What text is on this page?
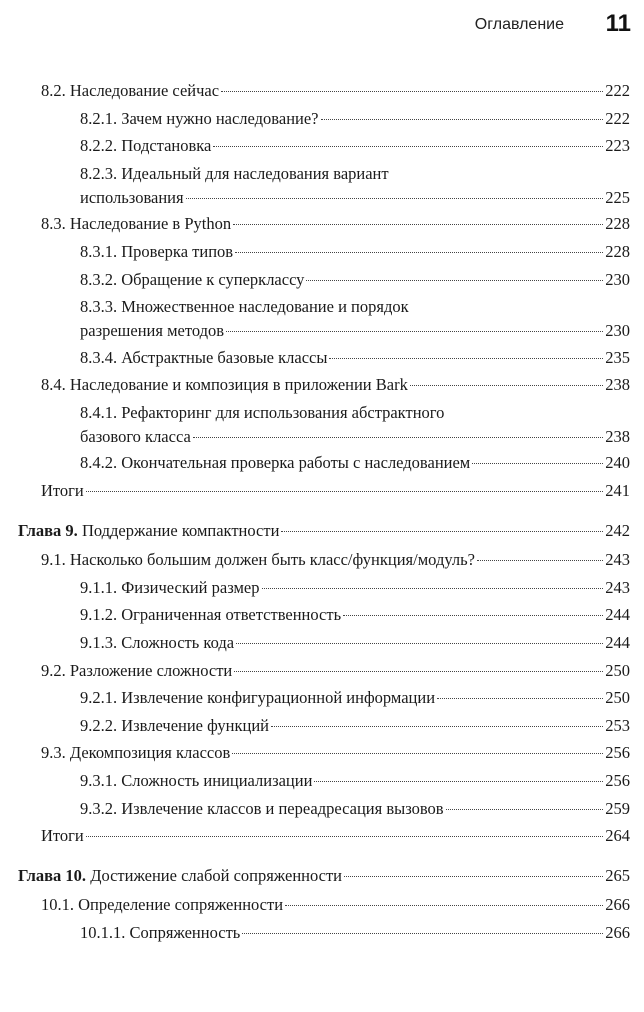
Оглавление 11
8.2. Наследование сейчас	222
8.2.1. Зачем нужно наследование?	222
8.2.2. Подстановка	223
8.2.3. Идеальный для наследования вариант
использования	225
8.3. Наследование в Python	228
8.3.1. Проверка типов	228
8.3.2. Обращение к суперклассу	230
8.3.3. Множественное наследование и порядок
разрешения методов	230
8.3.4. Абстрактные базовые классы	235
8.4. Наследование и композиция в приложении Bark	238
8.4.1. Рефакторинг для использования абстрактного
базового класса	238
8.4.2. Окончательная проверка работы с наследованием	240
Итоги	241
Глава 9. Поддержание компактности	242
9.1. Насколько большим должен быть класс/функция/модуль?	243
9.1.1. Физический размер	243
9.1.2. Ограниченная ответственность	244
9.1.3. Сложность кода	244
9.2. Разложение сложности	250
9.2.1. Извлечение конфигурационной информации	250
9.2.2. Извлечение функций	253
9.3. Декомпозиция классов	256
9.3.1. Сложность инициализации	256
9.3.2. Извлечение классов и переадресация вызовов	259
Итоги	264
Глава 10. Достижение слабой сопряженности	265
10.1. Определение сопряженности	266
10.1.1. Сопряженность	266
